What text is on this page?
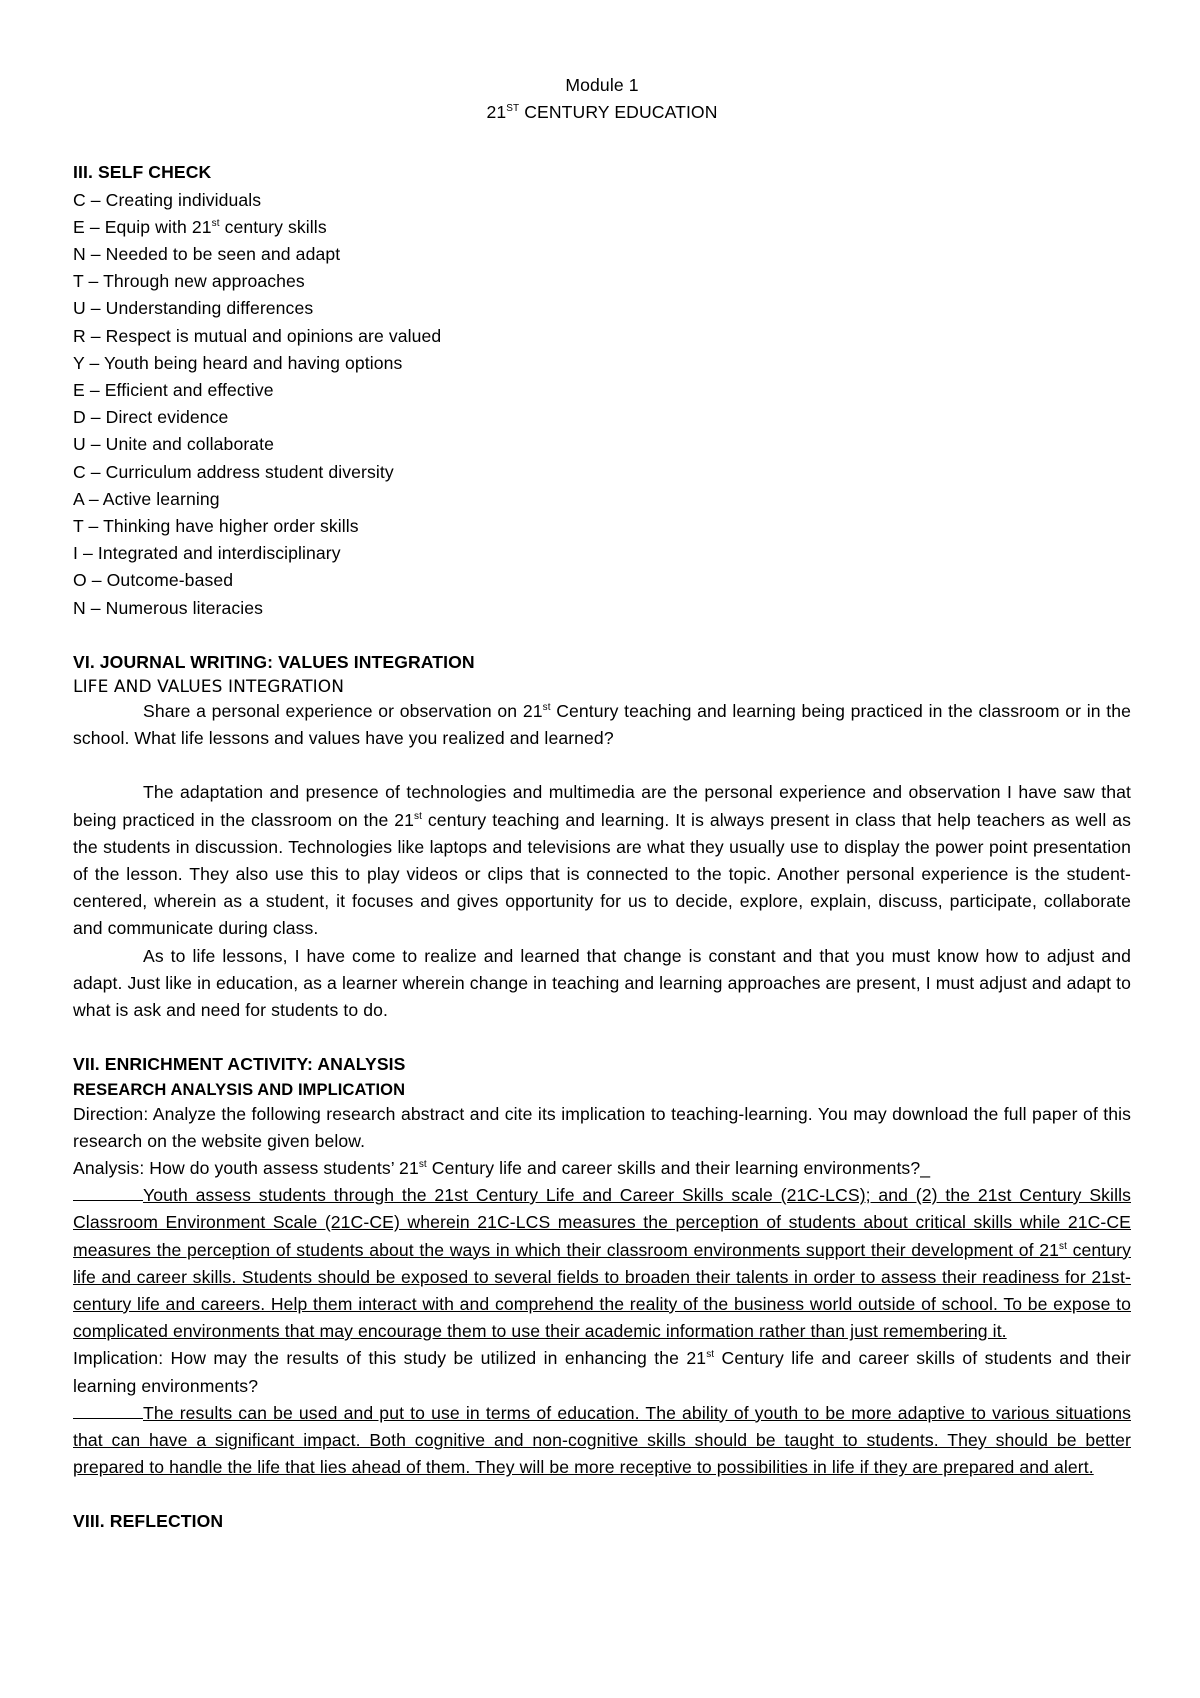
Module 1
21ST CENTURY EDUCATION
III. SELF CHECK
C – Creating individuals
E – Equip with 21st century skills
N – Needed to be seen and adapt
T – Through new approaches
U – Understanding differences
R – Respect is mutual and opinions are valued
Y – Youth being heard and having options
E – Efficient and effective
D – Direct evidence
U – Unite and collaborate
C – Curriculum address student diversity
A – Active learning
T – Thinking have higher order skills
I – Integrated and interdisciplinary
O – Outcome-based
N – Numerous literacies
VI. JOURNAL WRITING: VALUES INTEGRATION
LIFE AND VALUES INTEGRATION
Share a personal experience or observation on 21st Century teaching and learning being practiced in the classroom or in the school. What life lessons and values have you realized and learned?
The adaptation and presence of technologies and multimedia are the personal experience and observation I have saw that being practiced in the classroom on the 21st century teaching and learning. It is always present in class that help teachers as well as the students in discussion. Technologies like laptops and televisions are what they usually use to display the power point presentation of the lesson. They also use this to play videos or clips that is connected to the topic. Another personal experience is the student-centered, wherein as a student, it focuses and gives opportunity for us to decide, explore, explain, discuss, participate, collaborate and communicate during class.
As to life lessons, I have come to realize and learned that change is constant and that you must know how to adjust and adapt. Just like in education, as a learner wherein change in teaching and learning approaches are present, I must adjust and adapt to what is ask and need for students to do.
VII. ENRICHMENT ACTIVITY: ANALYSIS
RESEARCH ANALYSIS AND IMPLICATION
Direction: Analyze the following research abstract and cite its implication to teaching-learning. You may download the full paper of this research on the website given below.
Analysis: How do youth assess students’ 21st Century life and career skills and their learning environments?_
Youth assess students through the 21st Century Life and Career Skills scale (21C-LCS); and (2) the 21st Century Skills Classroom Environment Scale (21C-CE) wherein 21C-LCS measures the perception of students about critical skills while 21C-CE measures the perception of students about the ways in which their classroom environments support their development of 21st century life and career skills. Students should be exposed to several fields to broaden their talents in order to assess their readiness for 21st-century life and careers. Help them interact with and comprehend the reality of the business world outside of school. To be expose to complicated environments that may encourage them to use their academic information rather than just remembering it.
Implication: How may the results of this study be utilized in enhancing the 21st Century life and career skills of students and their learning environments?
The results can be used and put to use in terms of education. The ability of youth to be more adaptive to various situations that can have a significant impact. Both cognitive and non-cognitive skills should be taught to students. They should be better prepared to handle the life that lies ahead of them. They will be more receptive to possibilities in life if they are prepared and alert.
VIII. REFLECTION
